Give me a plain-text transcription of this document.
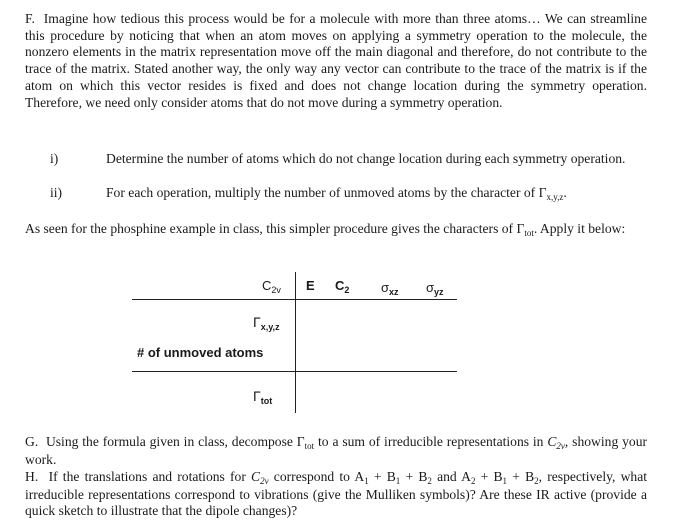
F. Imagine how tedious this process would be for a molecule with more than three atoms… We can streamline this procedure by noticing that when an atom moves on applying a symmetry operation to the molecule, the nonzero elements in the matrix representation move off the main diagonal and therefore, do not contribute to the trace of the matrix. Stated another way, the only way any vector can contribute to the trace of the matrix is if the atom on which this vector resides is fixed and does not change location during the symmetry operation. Therefore, we need only consider atoms that do not move during a symmetry operation.
i)	Determine the number of atoms which do not change location during each symmetry operation.
ii)	For each operation, multiply the number of unmoved atoms by the character of $\Gamma_{x,y,z}$.
As seen for the phosphine example in class, this simpler procedure gives the characters of $\Gamma_{tot}$. Apply it below:
$C_{2v}$ E $C_2$ $\sigma_{xz}$ $\sigma_{yz}$
$\Gamma_{x,y,z}$
# of unmoved atoms
$\Gamma_{tot}$
G. Using the formula given in class, decompose $\Gamma_{tot}$ to a sum of irreducible representations in $C_{2v}$, showing your work.
H. If the translations and rotations for $C_{2v}$ correspond to $A_1 + B_1 + B_2$ and $A_2 + B_1 + B_2$, respectively, what irreducible representations correspond to vibrations (give the Mulliken symbols)? Are these IR active (provide a quick sketch to illustrate that the dipole changes)?
